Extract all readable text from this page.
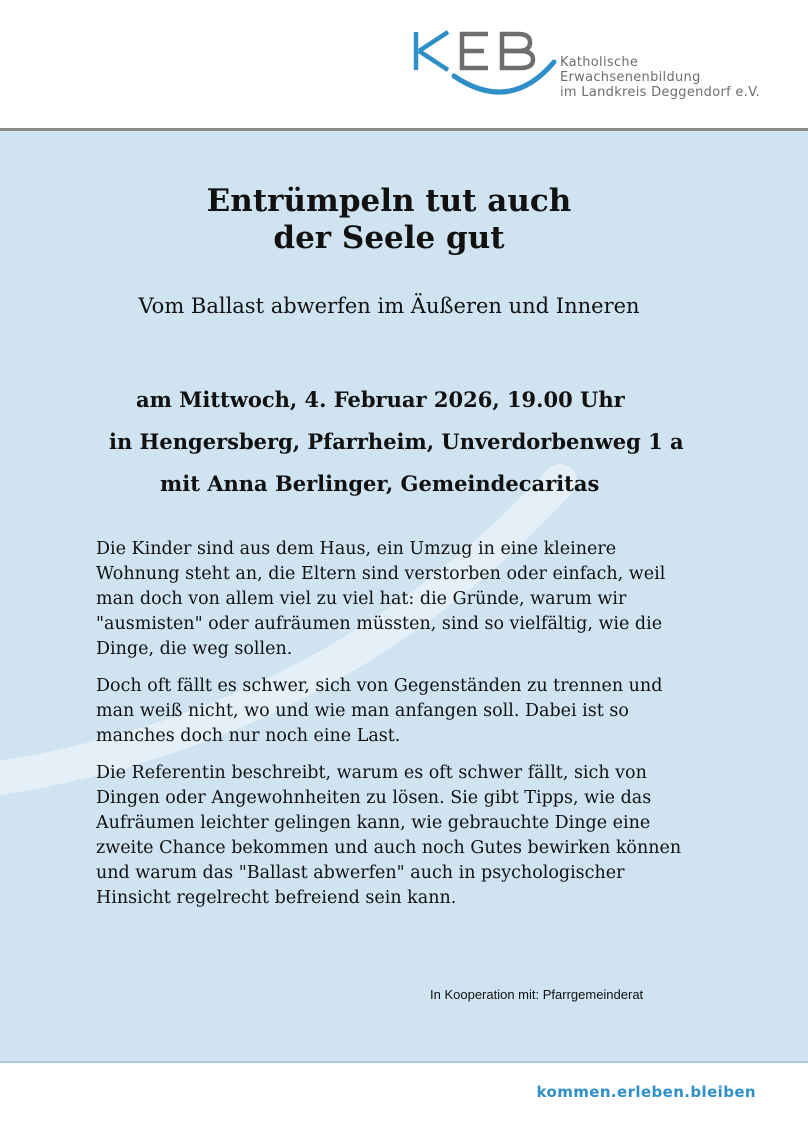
Katholische
Erwachsenenbildung
im Landkreis Deggendorf e.V.
Entrümpeln tut auch
der Seele gut
Vom Ballast abwerfen im Äußeren und Inneren
am Mittwoch, 4. Februar 2026, 19.00 Uhr
in Hengersberg, Pfarrheim, Unverdorbenweg 1 a
mit Anna Berlinger, Gemeindecaritas

Die Kinder sind aus dem Haus, ein Umzug in eine kleinere Wohnung steht an, die Eltern sind verstorben oder einfach, weil man doch von allem viel zu viel hat: die Gründe, warum wir "ausmisten" oder aufräumen müssten, sind so vielfältig, wie die Dinge, die weg sollen.

Doch oft fällt es schwer, sich von Gegenständen zu trennen und man weiß nicht, wo und wie man anfangen soll. Dabei ist so manches doch nur noch eine Last.

Die Referentin beschreibt, warum es oft schwer fällt, sich von Dingen oder Angewohnheiten zu lösen. Sie gibt Tipps, wie das Aufräumen leichter gelingen kann, wie gebrauchte Dinge eine zweite Chance bekommen und auch noch Gutes bewirken können und warum das "Ballast abwerfen" auch in psychologischer Hinsicht regelrecht befreiend sein kann.

In Kooperation mit: Pfarrgemeinderat
kommen.erleben.bleiben
